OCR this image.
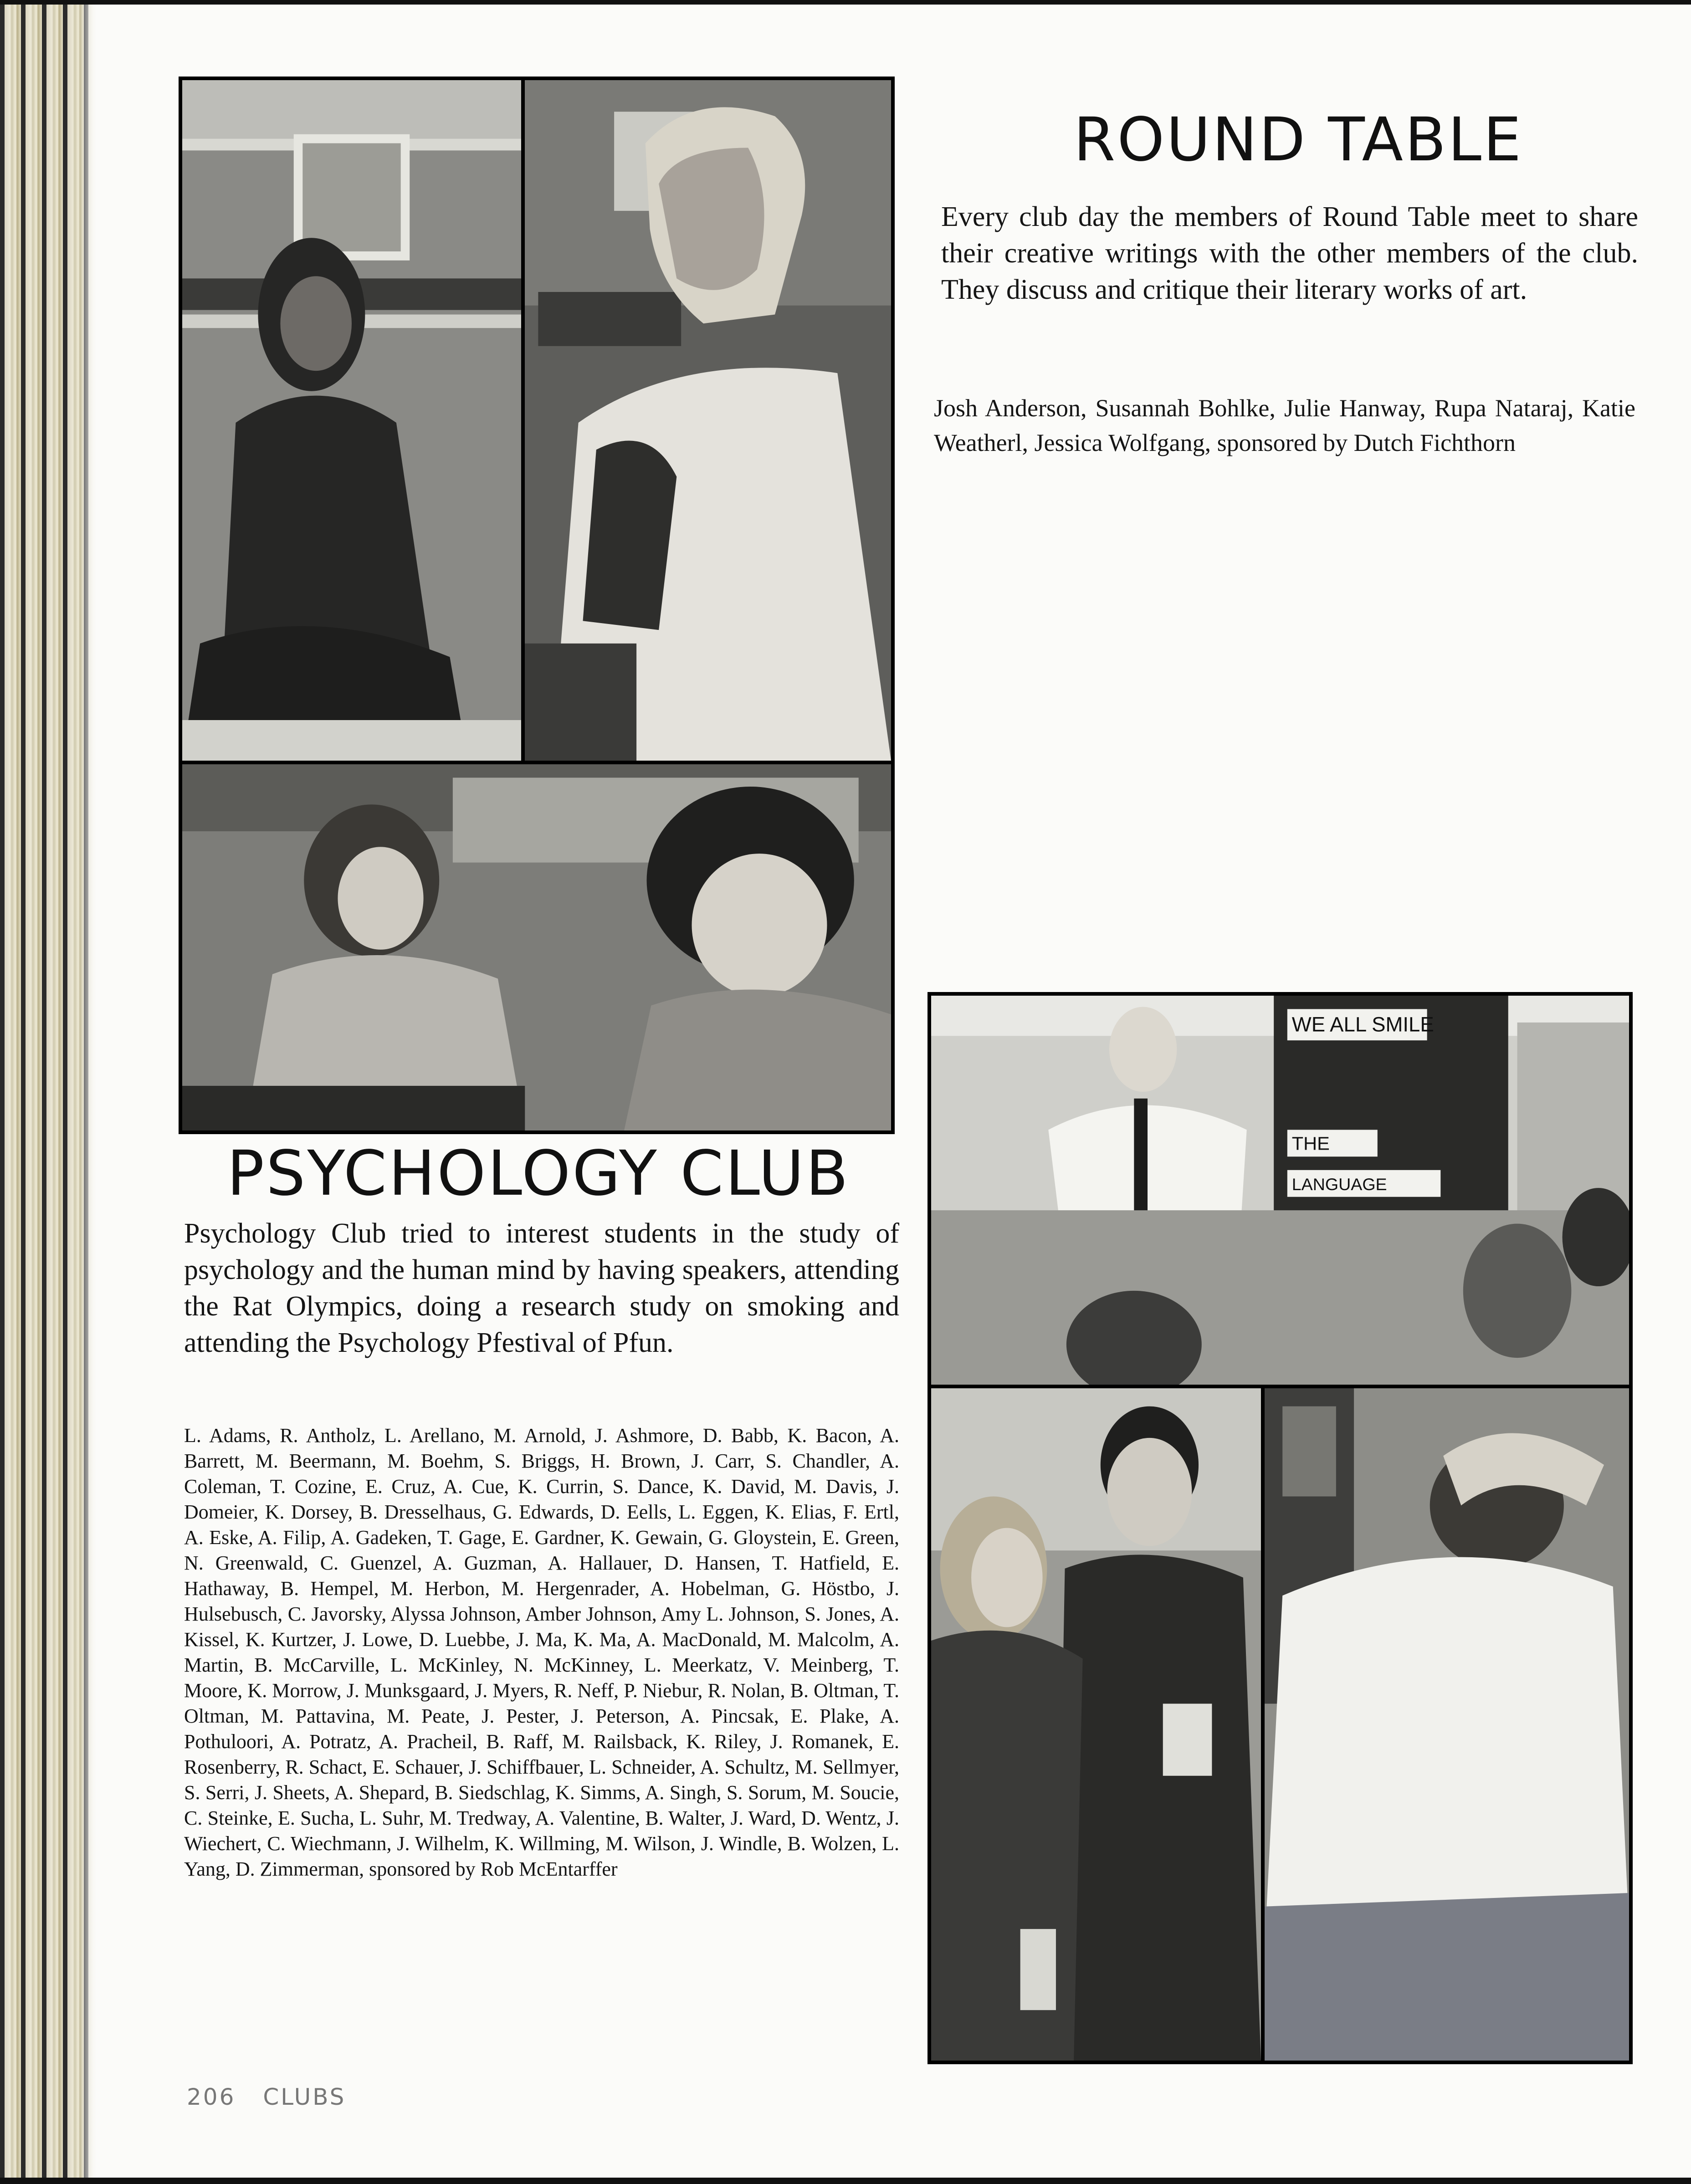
WE ALL SMILE
THE
LANGUAGE
ROUND TABLE

Every club day the members of Round Table meet to share their creative writings with the other members of the club. They discuss and critique their literary works of art.

Josh Anderson, Susannah Bohlke, Julie Hanway, Rupa Nataraj, Katie Weatherl, Jessica Wolfgang, sponsored by Dutch Fichthorn

PSYCHOLOGY CLUB

Psychology Club tried to interest students in the study of psychology and the human mind by having speakers, attending the Rat Olympics, doing a research study on smoking and attending the Psychology Pfestival of Pfun.

L. Adams, R. Antholz, L. Arellano, M. Arnold, J. Ashmore, D. Babb, K. Bacon, A. Barrett, M. Beermann, M. Boehm, S. Briggs, H. Brown, J. Carr, S. Chandler, A. Coleman, T. Cozine, E. Cruz, A. Cue, K. Currin, S. Dance, K. David, M. Davis, J. Domeier, K. Dorsey, B. Dresselhaus, G. Edwards, D. Eells, L. Eggen, K. Elias, F. Ertl, A. Eske, A. Filip, A. Gadeken, T. Gage, E. Gardner, K. Gewain, G. Gloystein, E. Green, N. Greenwald, C. Guenzel, A. Guzman, A. Hallauer, D. Hansen, T. Hatfield, E. Hathaway, B. Hempel, M. Herbon, M. Hergenrader, A. Hobelman, G. Höstbo, J. Hulsebusch, C. Javorsky, Alyssa Johnson, Amber Johnson, Amy L. Johnson, S. Jones, A. Kissel, K. Kurtzer, J. Lowe, D. Luebbe, J. Ma, K. Ma, A. MacDonald, M. Malcolm, A. Martin, B. McCarville, L. McKinley, N. McKinney, L. Meerkatz, V. Meinberg, T. Moore, K. Morrow, J. Munksgaard, J. Myers, R. Neff, P. Niebur, R. Nolan, B. Oltman, T. Oltman, M. Pattavina, M. Peate, J. Pester, J. Peterson, A. Pincsak, E. Plake, A. Pothuloori, A. Potratz, A. Pracheil, B. Raff, M. Railsback, K. Riley, J. Romanek, E. Rosenberry, R. Schact, E. Schauer, J. Schiffbauer, L. Schneider, A. Schultz, M. Sellmyer, S. Serri, J. Sheets, A. Shepard, B. Siedschlag, K. Simms, A. Singh, S. Sorum, M. Soucie, C. Steinke, E. Sucha, L. Suhr, M. Tredway, A. Valentine, B. Walter, J. Ward, D. Wentz, J. Wiechert, C. Wiechmann, J. Wilhelm, K. Willming, M. Wilson, J. Windle, B. Wolzen, L. Yang, D. Zimmerman, sponsored by Rob McEntarffer

206 CLUBS
